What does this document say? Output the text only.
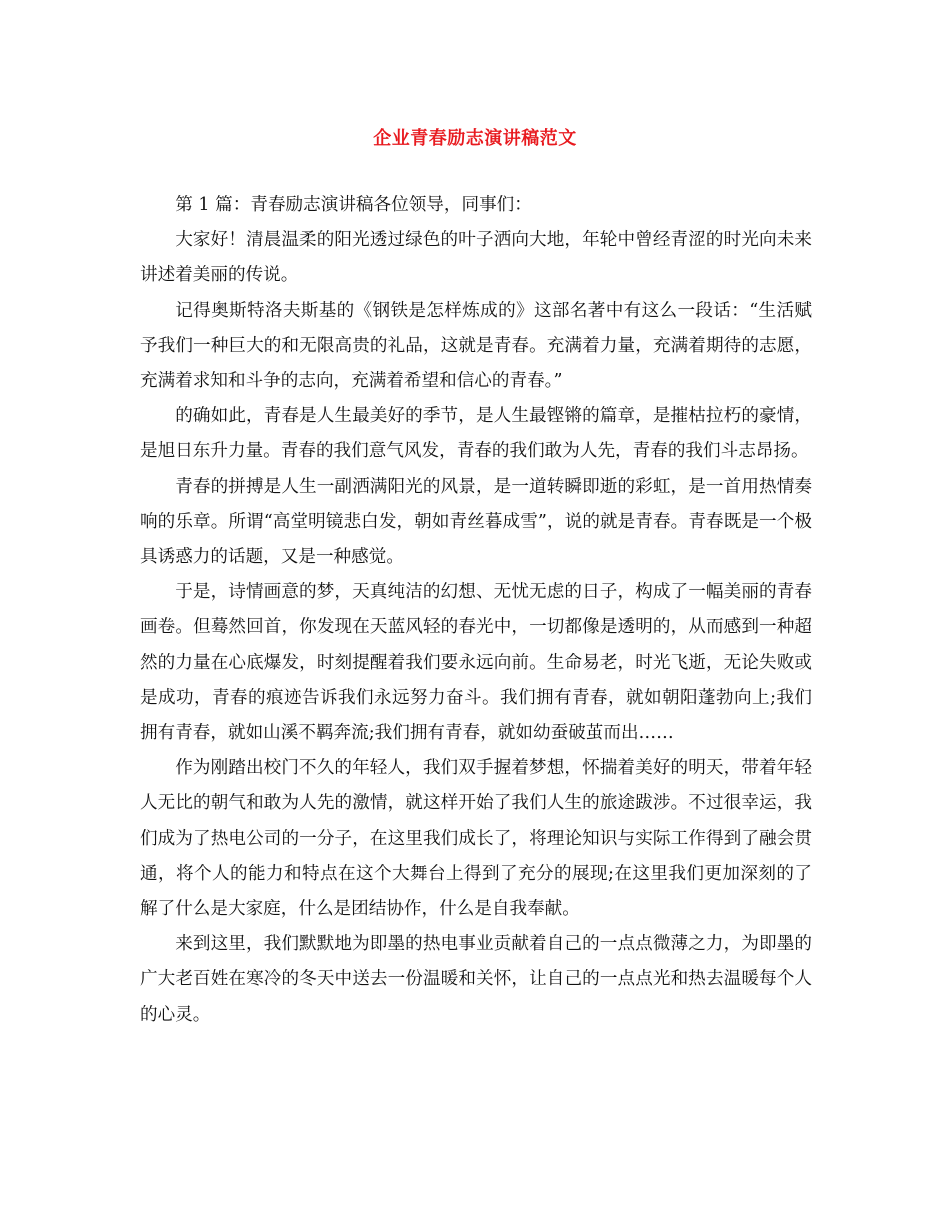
企业青春励志演讲稿范文

第 1 篇：青春励志演讲稿各位领导，同事们：

大家好！清晨温柔的阳光透过绿色的叶子洒向大地，年轮中曾经青涩的时光向未来讲述着美丽的传说。

记得奥斯特洛夫斯基的《钢铁是怎样炼成的》这部名著中有这么一段话：“生活赋予我们一种巨大的和无限高贵的礼品，这就是青春。充满着力量，充满着期待的志愿，充满着求知和斗争的志向，充满着希望和信心的青春。”

的确如此，青春是人生最美好的季节，是人生最铿锵的篇章，是摧枯拉朽的豪情，是旭日东升力量。青春的我们意气风发，青春的我们敢为人先，青春的我们斗志昂扬。

青春的拼搏是人生一副洒满阳光的风景，是一道转瞬即逝的彩虹，是一首用热情奏响的乐章。所谓“高堂明镜悲白发，朝如青丝暮成雪”，说的就是青春。青春既是一个极具诱惑力的话题，又是一种感觉。

于是，诗情画意的梦，天真纯洁的幻想、无忧无虑的日子，构成了一幅美丽的青春画卷。但蓦然回首，你发现在天蓝风轻的春光中，一切都像是透明的，从而感到一种超然的力量在心底爆发，时刻提醒着我们要永远向前。生命易老，时光飞逝，无论失败或是成功，青春的痕迹告诉我们永远努力奋斗。我们拥有青春，就如朝阳蓬勃向上;我们拥有青春，就如山溪不羁奔流;我们拥有青春，就如幼蚕破茧而出……

作为刚踏出校门不久的年轻人，我们双手握着梦想，怀揣着美好的明天，带着年轻人无比的朝气和敢为人先的激情，就这样开始了我们人生的旅途跋涉。不过很幸运，我们成为了热电公司的一分子，在这里我们成长了，将理论知识与实际工作得到了融会贯通，将个人的能力和特点在这个大舞台上得到了充分的展现;在这里我们更加深刻的了解了什么是大家庭，什么是团结协作，什么是自我奉献。

来到这里，我们默默地为即墨的热电事业贡献着自己的一点点微薄之力，为即墨的广大老百姓在寒冷的冬天中送去一份温暖和关怀，让自己的一点点光和热去温暖每个人的心灵。
